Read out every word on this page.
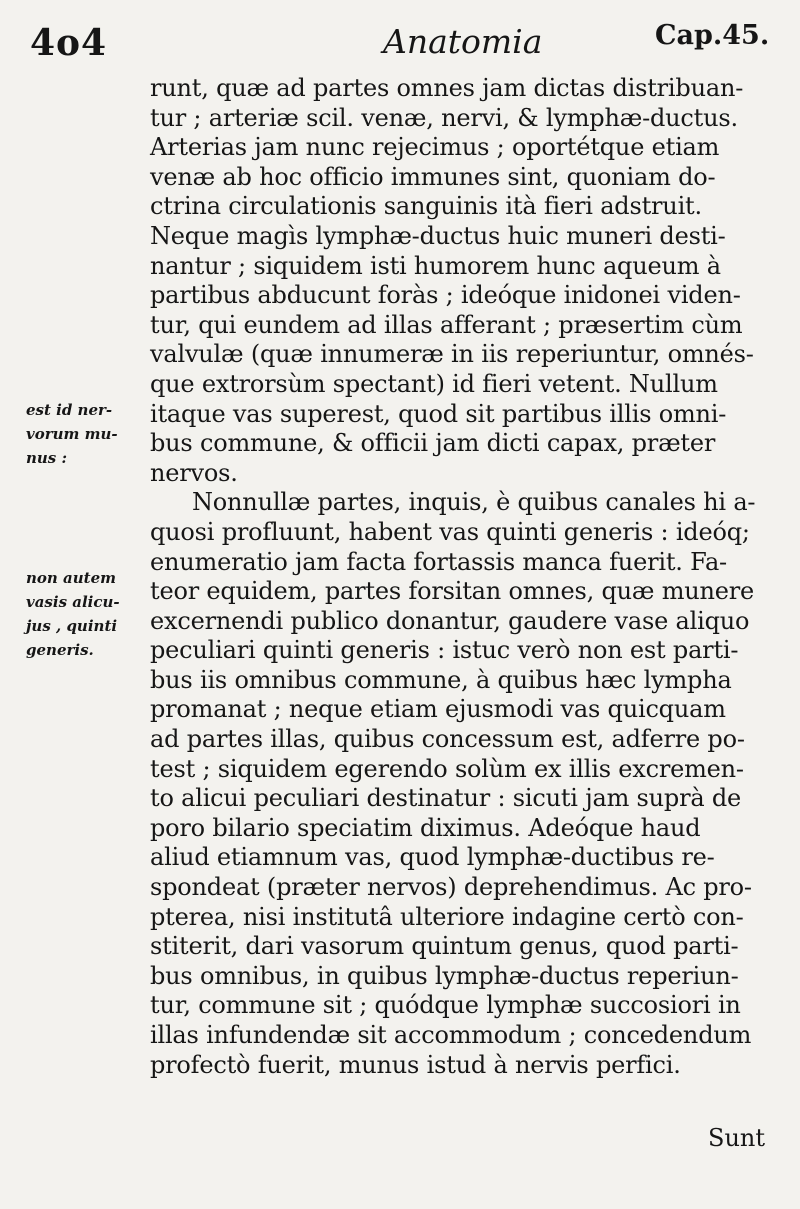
4o4	Anatomia	Cap.45.
est id ner-
vorum mu-
nus :
non autem
vasis alicu-
jus , quinti
generis.
runt, quæ ad partes omnes jam dictas distribuan-
tur ; arteriæ scil. venæ, nervi, & lymphæ-ductus.
Arterias jam nunc rejecimus ; oportétque etiam
venæ ab hoc officio immunes sint, quoniam do-
ctrina circulationis sanguinis ità fieri adstruit.
Neque magìs lymphæ-ductus huic muneri desti-
nantur ; siquidem isti humorem hunc aqueum à
partibus abducunt foràs ; ideóque inidonei viden-
tur, qui eundem ad illas afferant ; præsertim cùm
valvulæ (quæ innumeræ in iis reperiuntur, omnés-
que extrorsùm spectant) id fieri vetent. Nullum
itaque vas superest, quod sit partibus illis omni-
bus commune, & officii jam dicti capax, præter
nervos.
Nonnullæ partes, inquis, è quibus canales hi a-
quosi profluunt, habent vas quinti generis : ideóq;
enumeratio jam facta fortassis manca fuerit. Fa-
teor equidem, partes forsitan omnes, quæ munere
excernendi publico donantur, gaudere vase aliquo
peculiari quinti generis : istuc verò non est parti-
bus iis omnibus commune, à quibus hæc lympha
promanat ; neque etiam ejusmodi vas quicquam
ad partes illas, quibus concessum est, adferre po-
test ; siquidem egerendo solùm ex illis excremen-
to alicui peculiari destinatur : sicuti jam suprà de
poro bilario speciatim diximus. Adeóque haud
aliud etiamnum vas, quod lymphæ-ductibus re-
spondeat (præter nervos) deprehendimus. Ac pro-
pterea, nisi institutâ ulteriore indagine certò con-
stiterit, dari vasorum quintum genus, quod parti-
bus omnibus, in quibus lymphæ-ductus reperiun-
tur, commune sit ; quódque lymphæ succosiori in
illas infundendæ sit accommodum ; concedendum
profectò fuerit, munus istud à nervis perfici.
Sunt
